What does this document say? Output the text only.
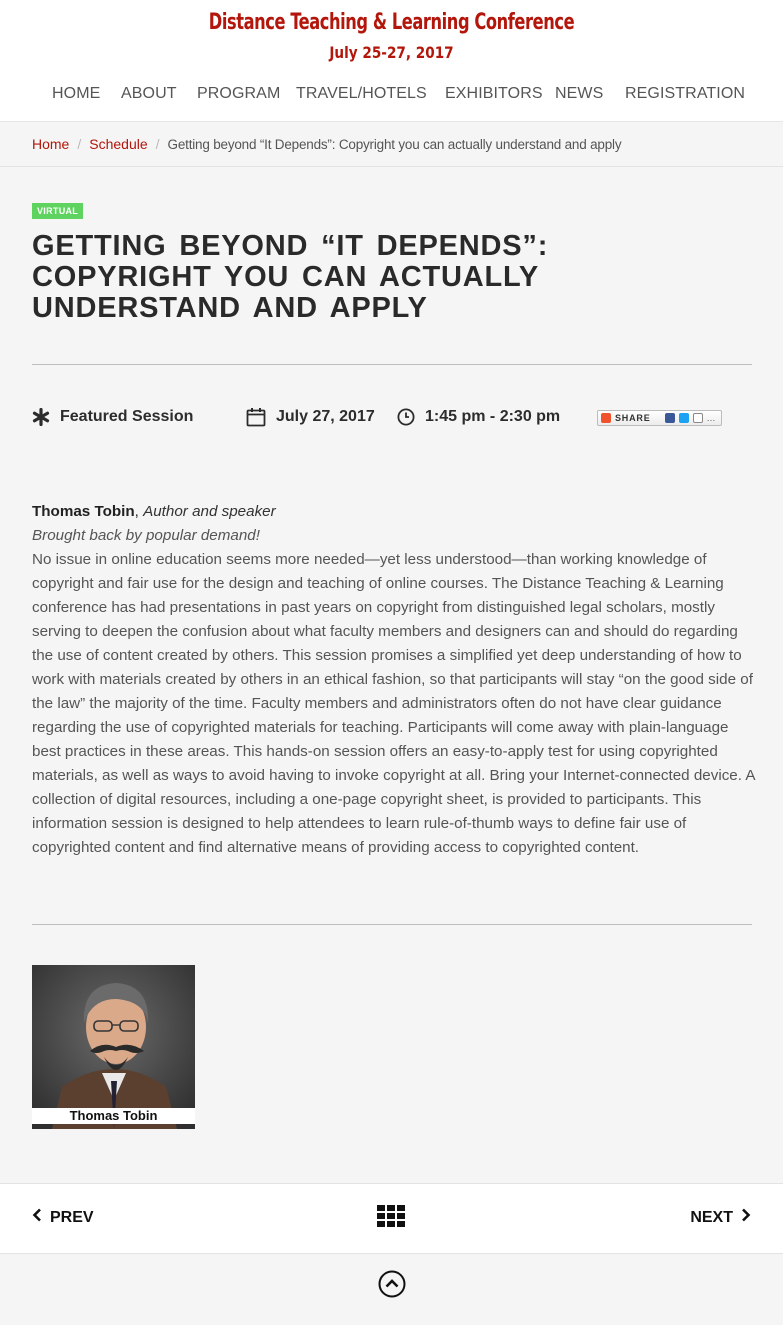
Distance Teaching & Learning Conference
July 25-27, 2017
HOME ABOUT PROGRAM TRAVEL/HOTELS EXHIBITORS NEWS REGISTRATION
Home / Schedule / Getting beyond “It Depends”: Copyright you can actually understand and apply
VIRTUAL
GETTING BEYOND “IT DEPENDS”: COPYRIGHT YOU CAN ACTUALLY UNDERSTAND AND APPLY
Featured Session	July 27, 2017	1:45 pm - 2:30 pm	SHARE	…
Thomas Tobin, Author and speaker
Brought back by popular demand!
No issue in online education seems more needed—yet less understood—than working knowledge of copyright and fair use for the design and teaching of online courses. The Distance Teaching & Learning conference has had presentations in past years on copyright from distinguished legal scholars, mostly serving to deepen the confusion about what faculty members and designers can and should do regarding the use of content created by others. This session promises a simplified yet deep understanding of how to work with materials created by others in an ethical fashion, so that participants will stay “on the good side of the law” the majority of the time. Faculty members and administrators often do not have clear guidance regarding the use of copyrighted materials for teaching. Participants will come away with plain-language best practices in these areas. This hands-on session offers an easy-to-apply test for using copyrighted materials, as well as ways to avoid having to invoke copyright at all. Bring your Internet-connected device. A collection of digital resources, including a one-page copyright sheet, is provided to participants. This information session is designed to help attendees to learn rule-of-thumb ways to define fair use of copyrighted content and find alternative means of providing access to copyrighted content.
Thomas Tobin
PREV	NEXT
